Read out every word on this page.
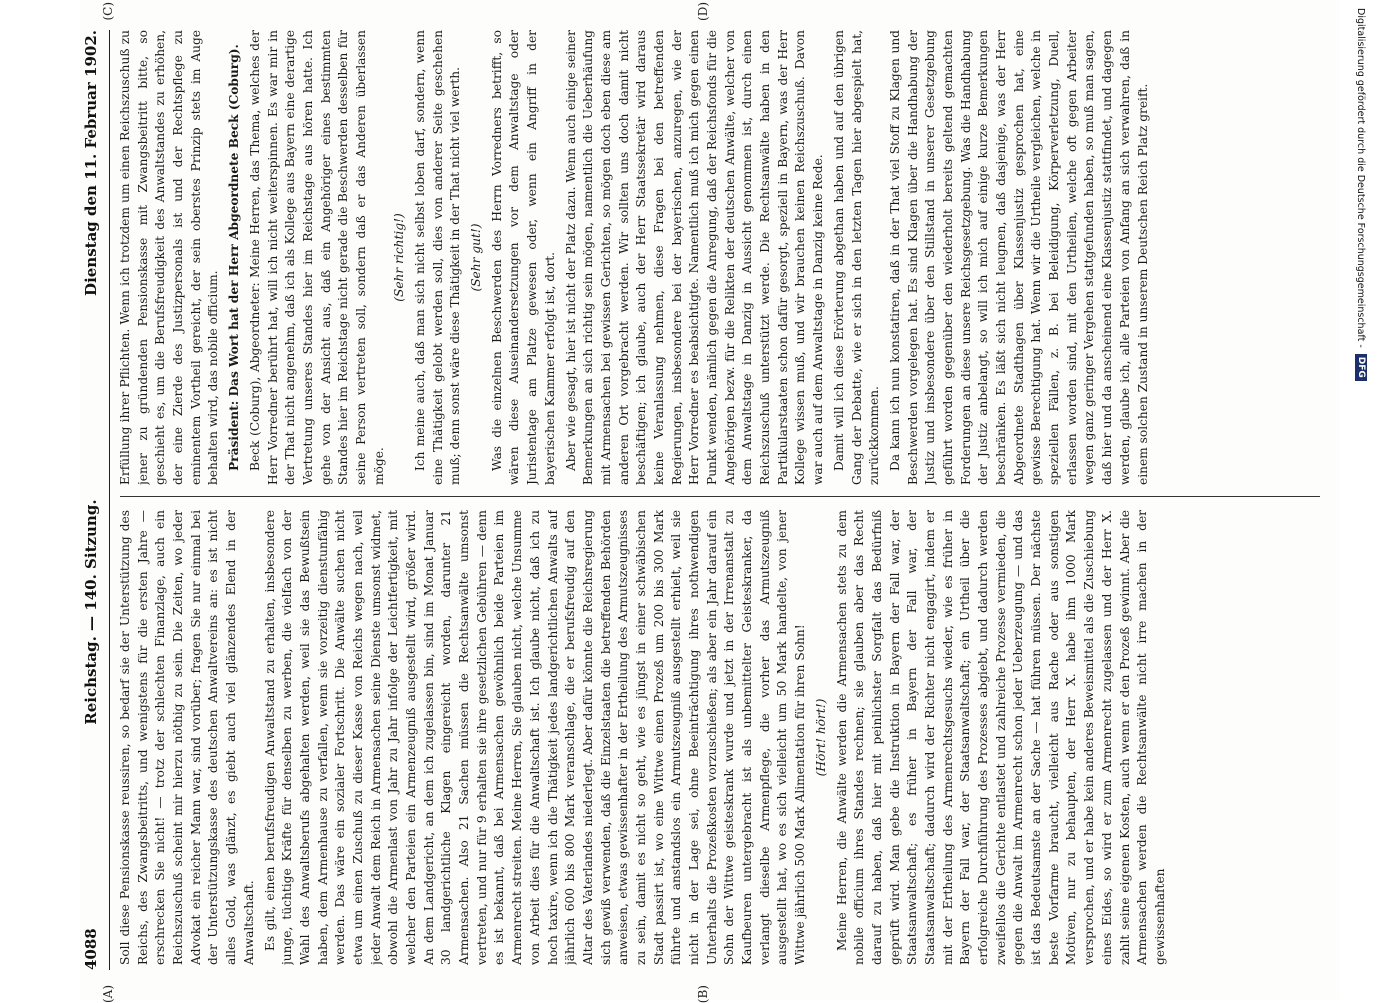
4088
Reichstag. — 140. Sitzung.
Dienstag den 11. Februar 1902.

Soll diese Pensionskasse reussiren, so bedarf sie der Unterstützung des Reichs, des Zwangsbeitritts, und wenigstens für die ersten Jahre — erschrecken Sie nicht! — trotz der schlechten Finanzlage, auch ein Reichszuschuß scheint mir hierzu nöthig zu sein. Die Zeiten, wo jeder Advokat ein reicher Mann war, sind vorüber; fragen Sie nur einmal bei der Unterstützungskasse des deutschen Anwaltvereins an: es ist nicht alles Gold, was glänzt, es giebt auch viel glänzendes Elend in der Anwaltschaft. Es gilt, einen berufsfreudigen Anwaltstand zu erhalten, insbesondere junge, tüchtige Kräfte für denselben zu werben, die vielfach von der Wahl des Anwaltsberufs abgehalten werden, weil sie das Bewußtsein haben, dem Armenhause zu verfallen, wenn sie vorzeitig dienstunfähig werden. Das wäre ein sozialer Fortschritt. Die Anwälte suchen nicht etwa um einen Zuschuß zu dieser Kasse von Reichs wegen nach, weil jeder Anwalt dem Reich in Armensachen seine Dienste umsonst widmet, obwohl die Armenlast von Jahr zu Jahr infolge der Leichtfertigkeit, mit welcher den Parteien ein Armenzeugniß ausgestellt wird, größer wird. An dem Landgericht, an dem ich zugelassen bin, sind im Monat Januar 30 landgerichtliche Klagen eingereicht worden, darunter 21 Armensachen. Also 21 Sachen müssen die Rechtsanwälte umsonst vertreten, und nur für 9 erhalten sie ihre gesetzlichen Gebühren — denn es ist bekannt, daß bei Armensachen gewöhnlich beide Parteien im Armenrecht streiten. Meine Herren, Sie glauben nicht, welche Unsumme von Arbeit dies für die Anwaltschaft ist. Ich glaube nicht, daß ich zu hoch taxire, wenn ich die Thätigkeit jedes landgerichtlichen Anwalts auf jährlich 600 bis 800 Mark veranschlage, die er berufsfreudig auf den Altar des Vaterlandes niederlegt. Aber dafür könnte die Reichsregierung sich gewiß verwenden, daß die Einzelstaaten die betreffenden Behörden anweisen, etwas gewissenhafter in der Ertheilung des Armutszeugnisses zu sein, damit es nicht so geht, wie es jüngst in einer schwäbischen Stadt passirt ist, wo eine Wittwe einen Prozeß um 200 bis 300 Mark führte und anstandslos ein Armutszeugniß ausgestellt erhielt, weil sie nicht in der Lage sei, ohne Beeinträchtigung ihres nothwendigen Unterhalts die Prozeßkosten vorzuschießen; als aber ein Jahr darauf ein Sohn der Wittwe geisteskrank wurde und jetzt in der Irrenanstalt zu Kaufbeuren untergebracht ist als unbemittelter Geisteskranker, da verlangt dieselbe Armenpflege, die vorher das Armutszeugniß ausgestellt hat, wo es sich vielleicht um 50 Mark handelte, von jener Wittwe jährlich 500 Mark Alimentation für ihren Sohn! (Hört! hört!) Meine Herren, die Anwälte werden die Armensachen stets zu dem nobile officium ihres Standes rechnen; sie glauben aber das Recht darauf zu haben, daß hier mit peinlichster Sorgfalt das Bedürfniß geprüft wird. Man gebe die Instruktion in Bayern der Fall war, der Staatsanwaltschaft; es früher in Bayern der Fall war, der Staatsanwaltschaft; dadurch wird der Richter nicht engagirt, indem er mit der Ertheilung des Armenrechtsgesuchs wieder, wie es früher in Bayern der Fall war, der Staatsanwaltschaft; ein Urtheil über die erfolgreiche Durchführung des Prozesses abgiebt, und dadurch werden zweifellos die Gerichte entlastet und zahlreiche Prozesse vermieden, die gegen die Anwalt im Armenrecht schon jeder Ueberzeugung — und das ist das Bedeutsamste an der Sache — hat führen müssen. Der nächste beste Vorfarme braucht, vielleicht aus Rache oder aus sonstigen Motiven, nur zu behaupten, der Herr X. habe ihm 1000 Mark versprochen, und er habe kein anderes Beweismittel als die Zuschiebung eines Eides, so wird er zum Armenrecht zugelassen und der Herr X. zahlt seine eigenen Kosten, auch wenn er den Prozeß gewinnt. Aber die Armensachen werden die Rechtsanwälte nicht irre machen in der gewissenhaften

Erfüllung ihrer Pflichten. Wenn ich trotzdem um einen Reichszuschuß zu jener zu gründenden Pensionskasse mit Zwangsbeitritt bitte, so geschieht es, um die Berufsfreudigkeit des Anwaltstandes zu erhöhen, der eine Zierde des Justizpersonals ist und der Rechtspflege zu eminentem Vortheil gereicht, der sein oberstes Prinzip stets im Auge behalten wird, das nobile officium. Präsident: Das Wort hat der Herr Abgeordnete Beck (Coburg). Beck (Coburg), Abgeordneter: Meine Herren, das Thema, welches der Herr Vorredner berührt hat, will ich nicht weiterspinnen. Es war mir in der That nicht angenehm, daß ich als Kollege aus Bayern eine derartige Vertretung unseres Standes hier im Reichstage aus hören hatte. Ich gehe von der Ansicht aus, daß ein Angehöriger eines bestimmten Standes hier im Reichstage nicht gerade die Beschwerden desselben für seine Person vertreten soll, sondern daß er das Anderen überlassen möge.

(Sehr richtig!) Ich meine auch, daß man sich nicht selbst loben darf, sondern, wenn eine Thätigkeit gelobt werden soll, dies von anderer Seite geschehen muß; denn sonst wäre diese Thätigkeit in der That nicht viel werth. (Sehr gut!) Was die einzelnen Beschwerden des Herrn Vorredners betrifft, so wären diese Auseinandersetzungen vor dem Anwaltstage oder Juristentage am Platze gewesen oder, wenn ein Angriff in der bayerischen Kammer erfolgt ist, dort. Aber wie gesagt, hier ist nicht der Platz dazu. Wenn auch einige seiner Bemerkungen an sich richtig sein mögen, namentlich die Ueberhäufung mit Armensachen bei gewissen Gerichten, so mögen doch eben diese am anderen Ort vorgebracht werden. Wir sollten uns doch damit nicht beschäftigen; ich glaube, auch der Herr Staatssekretär wird daraus keine Veranlassung nehmen, diese Fragen bei den betreffenden Regierungen, insbesondere bei der bayerischen, anzuregen, wie der Herr Vorredner es beabsichtigte. Namentlich muß ich mich gegen einen Punkt wenden, nämlich gegen die Anregung, daß der Reichsfonds für die Angehörigen bezw. für die Relikten der deutschen Anwälte, welcher von dem Anwaltstage in Danzig in Aussicht genommen ist, durch einen Reichszuschuß unterstützt werde. Die Rechtsanwälte haben in den Partikularstaaten schon dafür gesorgt, speziell in Bayern, was der Herr Kollege wissen muß, und wir brauchen keinen Reichszuschuß. Davon war auch auf dem Anwaltstage in Danzig keine Rede. Damit will ich diese Erörterung abgethan haben und auf den übrigen Gang der Debatte, wie er sich in den letzten Tagen hier abgespielt hat, zurückkommen. Da kann ich nun konstatiren, daß in der That viel Stoff zu Klagen und Beschwerden vorgelegen hat. Es sind Klagen über die Handhabung der Justiz und insbesondere über den Stillstand in unserer Gesetzgebung geführt worden gegenüber den wiederholt bereits geltend gemachten Forderungen an diese unsere Reichsgesetzgebung. Was die Handhabung der Justiz anbelangt, so will ich mich auf einige kurze Bemerkungen beschränken. Es läßt sich nicht leugnen, daß dasjenige, was der Herr Abgeordnete Stadthagen über Klassenjustiz gesprochen hat, eine gewisse Berechtigung hat. Wenn wir die Urtheile vergleichen, welche in speziellen Fällen, z. B. bei Beleidigung, Körperverletzung, Duell, erlassen worden sind, mit den Urtheilen, welche oft gegen Arbeiter wegen ganz geringer Vergehen stattgefunden haben, so muß man sagen, daß hier und da anscheinend eine Klassenjustiz stattfindet, und dagegen werden, glaube ich, alle Parteien von Anfang an sich verwahren, daß in einem solchen Zustand in unserem Deutschen Reich Platz greift.

(A)	(B)
(C)	(D)	Digitalisierung gefördert durch die Deutsche Forschungsgemeinschaft -
DFG
